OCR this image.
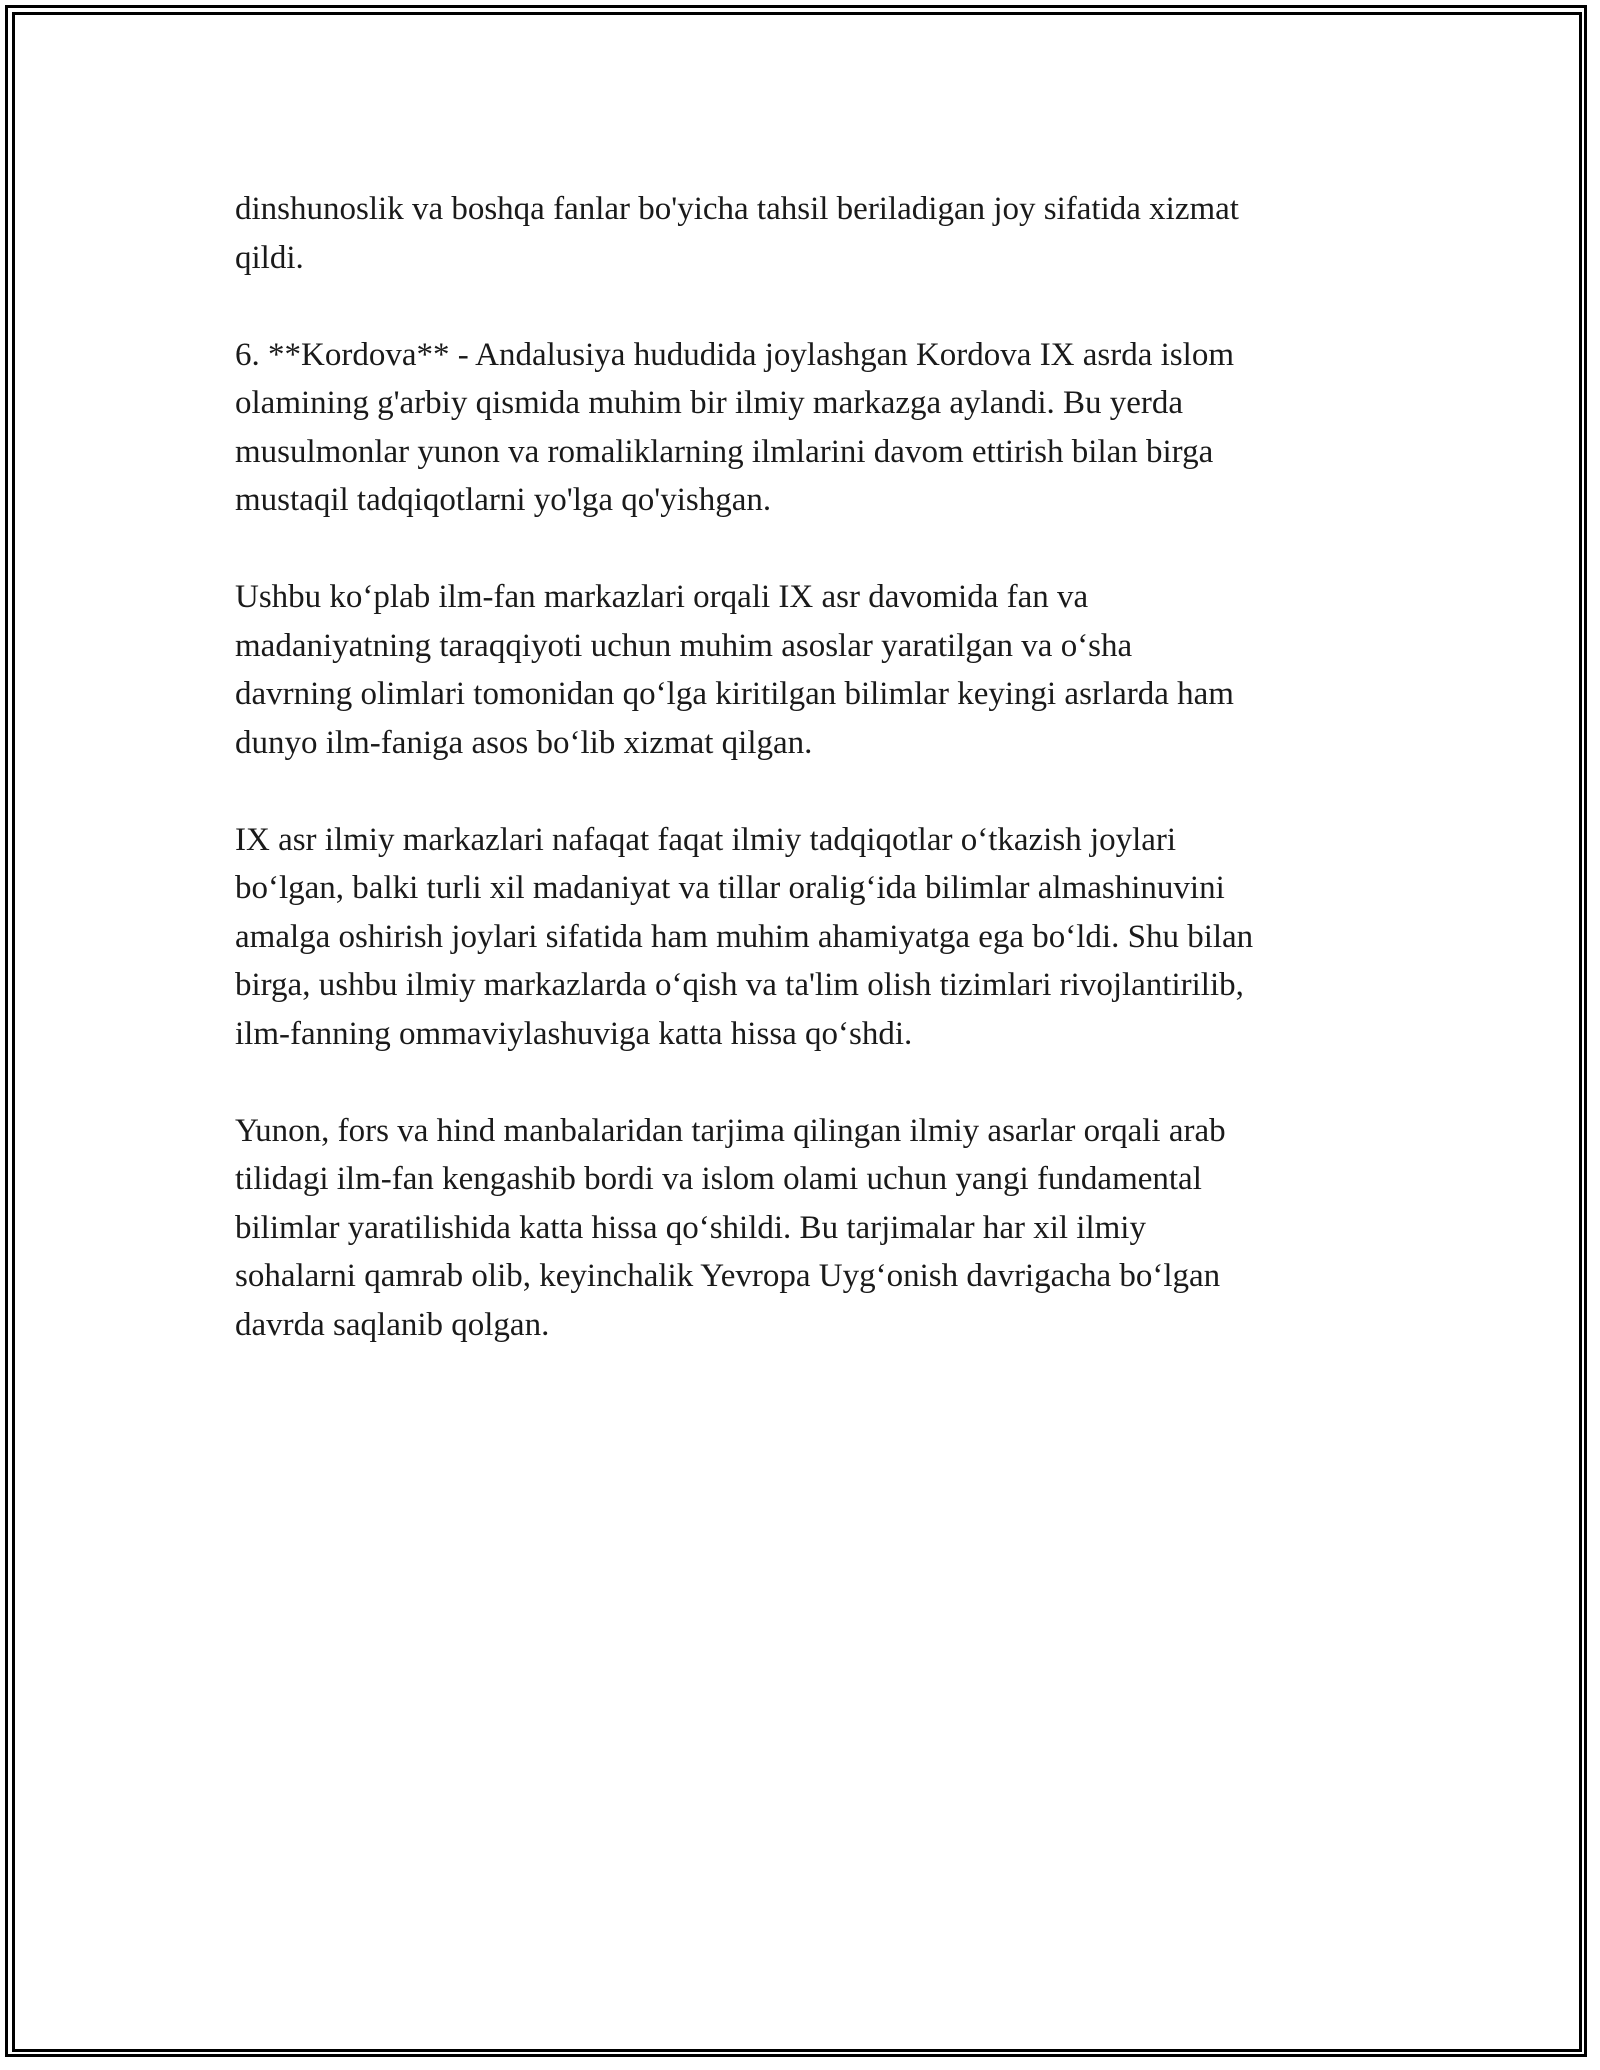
dinshunoslik va boshqa fanlar bo'yicha tahsil beriladigan joy sifatida xizmat
qildi.

6. **Kordova** - Andalusiya hududida joylashgan Kordova IX asrda islom
olamining g'arbiy qismida muhim bir ilmiy markazga aylandi. Bu yerda
musulmonlar yunon va romaliklarning ilmlarini davom ettirish bilan birga
mustaqil tadqiqotlarni yo'lga qo'yishgan.

Ushbu ko‘plab ilm-fan markazlari orqali IX asr davomida fan va
madaniyatning taraqqiyoti uchun muhim asoslar yaratilgan va o‘sha
davrning olimlari tomonidan qo‘lga kiritilgan bilimlar keyingi asrlarda ham
dunyo ilm-faniga asos bo‘lib xizmat qilgan.

IX asr ilmiy markazlari nafaqat faqat ilmiy tadqiqotlar o‘tkazish joylari
bo‘lgan, balki turli xil madaniyat va tillar oralig‘ida bilimlar almashinuvini
amalga oshirish joylari sifatida ham muhim ahamiyatga ega bo‘ldi. Shu bilan
birga, ushbu ilmiy markazlarda o‘qish va ta'lim olish tizimlari rivojlantirilib,
ilm-fanning ommaviylashuviga katta hissa qo‘shdi.

Yunon, fors va hind manbalaridan tarjima qilingan ilmiy asarlar orqali arab
tilidagi ilm-fan kengashib bordi va islom olami uchun yangi fundamental
bilimlar yaratilishida katta hissa qo‘shildi. Bu tarjimalar har xil ilmiy
sohalarni qamrab olib, keyinchalik Yevropa Uyg‘onish davrigacha bo‘lgan
davrda saqlanib qolgan.
